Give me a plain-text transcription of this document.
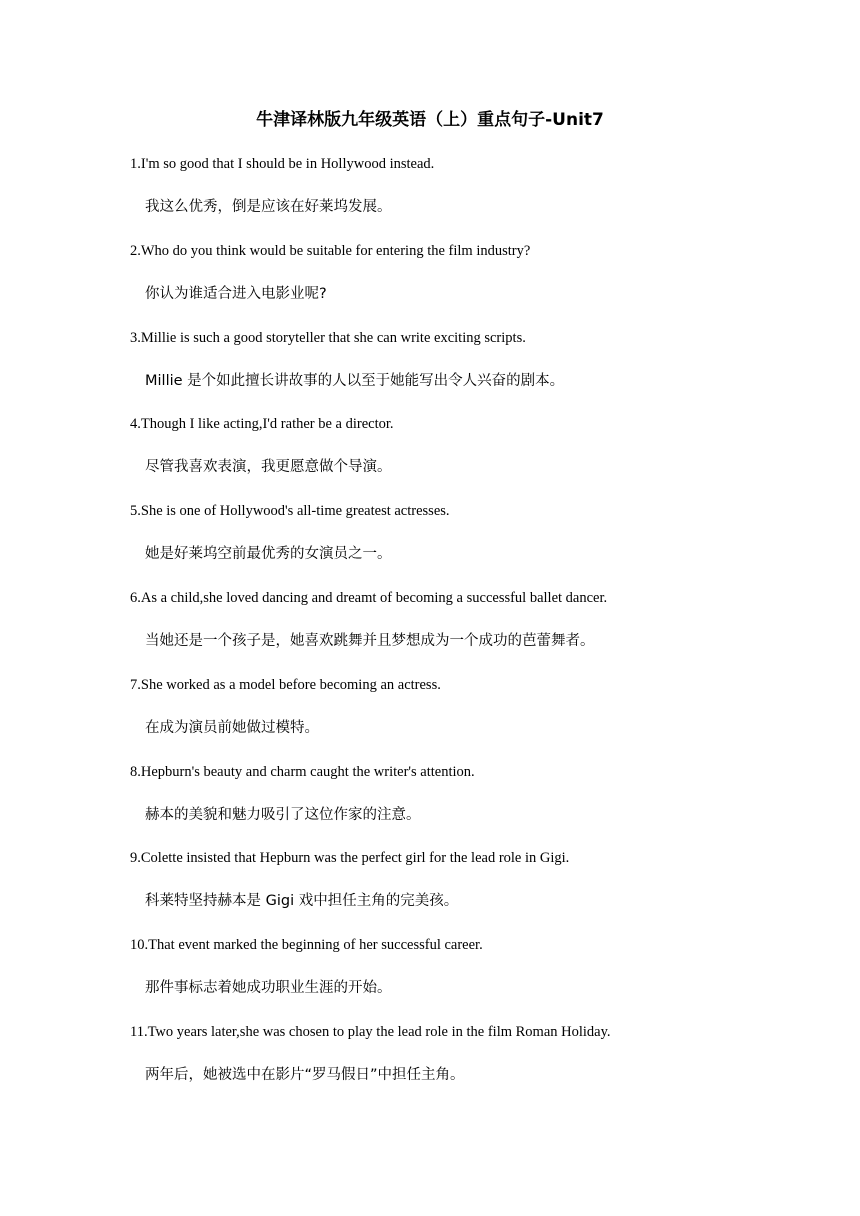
牛津译林版九年级英语（上）重点句子-Unit7
1.I'm so good that I should be in Hollywood instead.
我这么优秀，倒是应该在好莱坞发展。
2.Who do you think would be suitable for entering the film industry?
你认为谁适合进入电影业呢?
3.Millie is such a good storyteller that she can write exciting scripts.
Millie 是个如此擅长讲故事的人以至于她能写出令人兴奋的剧本。
4.Though I like acting,I'd rather be a director.
尽管我喜欢表演，我更愿意做个导演。
5.She is one of Hollywood's all-time greatest actresses.
她是好莱坞空前最优秀的女演员之一。
6.As a child,she loved dancing and dreamt of becoming a successful ballet dancer.
当她还是一个孩子是，她喜欢跳舞并且梦想成为一个成功的芭蕾舞者。
7.She worked as a model before becoming an actress.
在成为演员前她做过模特。
8.Hepburn's beauty and charm caught the writer's attention.
赫本的美貌和魅力吸引了这位作家的注意。
9.Colette insisted that Hepburn was the perfect girl for the lead role in Gigi.
科莱特坚持赫本是 Gigi 戏中担任主角的完美孩。
10.That event marked the beginning of her successful career.
那件事标志着她成功职业生涯的开始。
11.Two years later,she was chosen to play the lead role in the film Roman Holiday.
两年后，她被选中在影片“罗马假日”中担任主角。
